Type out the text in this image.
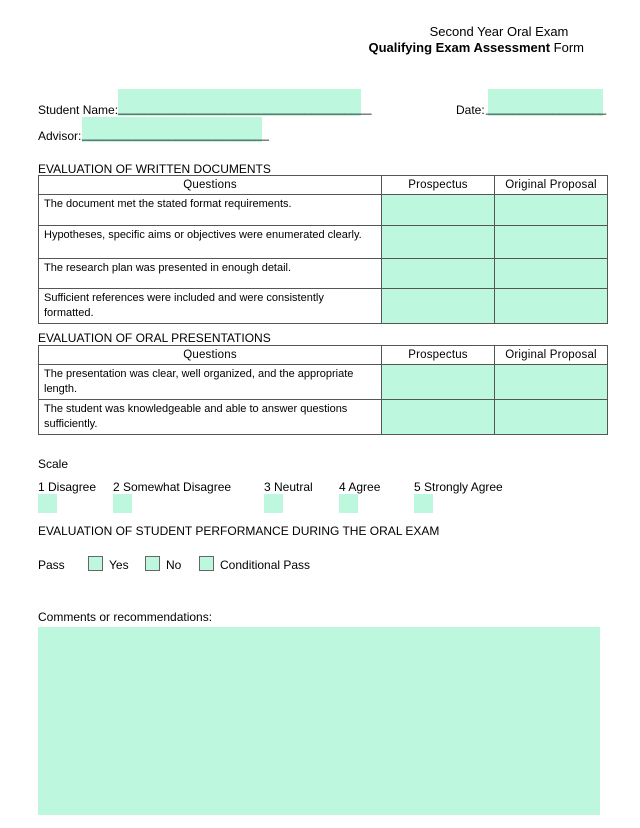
Second Year Oral Exam
Qualifying Exam Assessment Form
Student Name: ______________________________________	Date: __________________
Advisor: ____________________________
EVALUATION OF WRITTEN DOCUMENTS
Questions	Prospectus	Original Proposal
The document met the stated format requirements.		
Hypotheses, specific aims or objectives were enumerated clearly.		
The research plan was presented in enough detail.		
Sufficient references were included and were consistently formatted.		
EVALUATION OF ORAL PRESENTATIONS
Questions	Prospectus	Original Proposal
The presentation was clear, well organized, and the appropriate length.		
The student was knowledgeable and able to answer questions sufficiently.		
Scale
1 Disagree 2 Somewhat Disagree	3 Neutral 4 Agree	5 Strongly Agree
EVALUATION OF STUDENT PERFORMANCE DURING THE ORAL EXAM
Pass	Yes	No	Conditional Pass
Comments or recommendations:
